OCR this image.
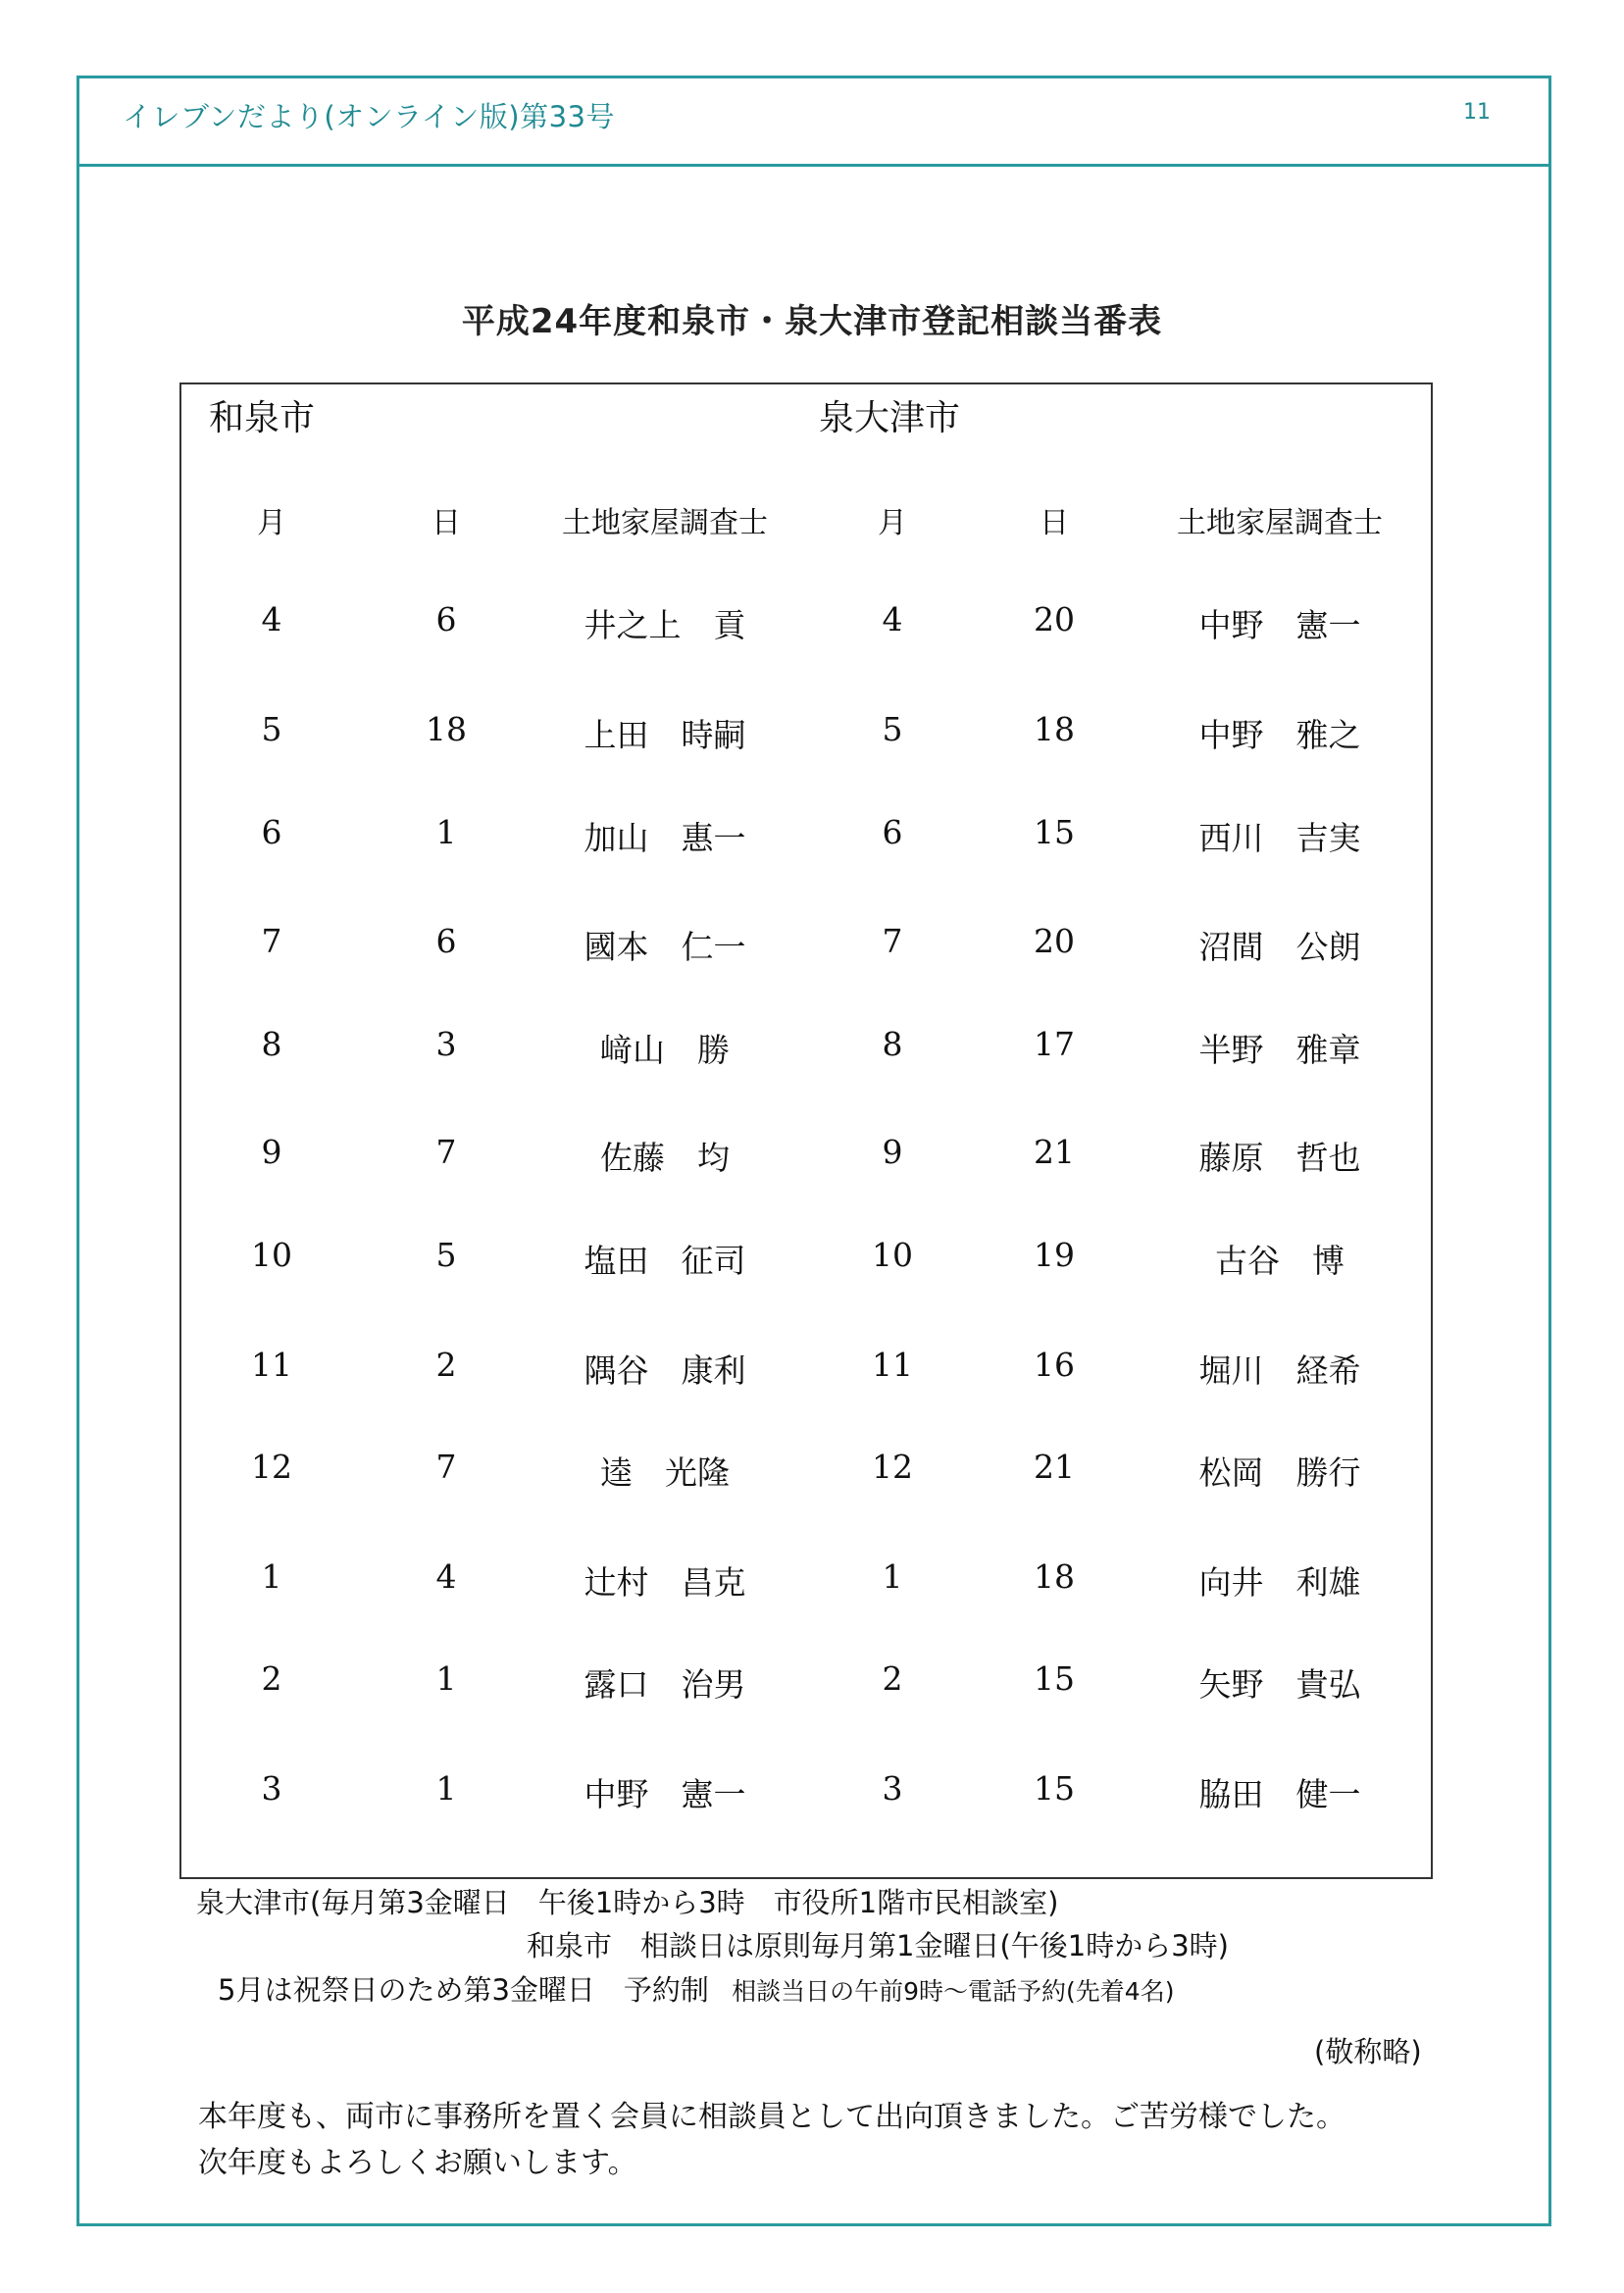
イレブンだより(オンライン版)第33号	11
平成24年度和泉市・泉大津市登記相談当番表
和泉市	泉大津市
月	日	土地家屋調査士	月	日	土地家屋調査士
4	6	井之上　貢	4	20	中野　憲一
5	18	上田　時嗣	5	18	中野　雅之
6	1	加山　惠一	6	15	西川　吉実
7	6	國本　仁一	7	20	沼間　公朗
8	3	﨑山　勝	8	17	半野　雅章
9	7	佐藤　均	9	21	藤原　哲也
10	5	塩田　征司	10	19	古谷　博
11	2	隅谷　康利	11	16	堀川　経希
12	7	逵　光隆	12	21	松岡　勝行
1	4	辻村　昌克	1	18	向井　利雄
2	1	露口　治男	2	15	矢野　貴弘
3	1	中野　憲一	3	15	脇田　健一
泉大津市(毎月第3金曜日　午後1時から3時　市役所1階市民相談室)
和泉市　相談日は原則毎月第1金曜日(午後1時から3時)
5月は祝祭日のため第3金曜日　予約制 相談当日の午前9時〜電話予約(先着4名)
(敬称略)
本年度も、両市に事務所を置く会員に相談員として出向頂きました。ご苦労様でした。
次年度もよろしくお願いします。
